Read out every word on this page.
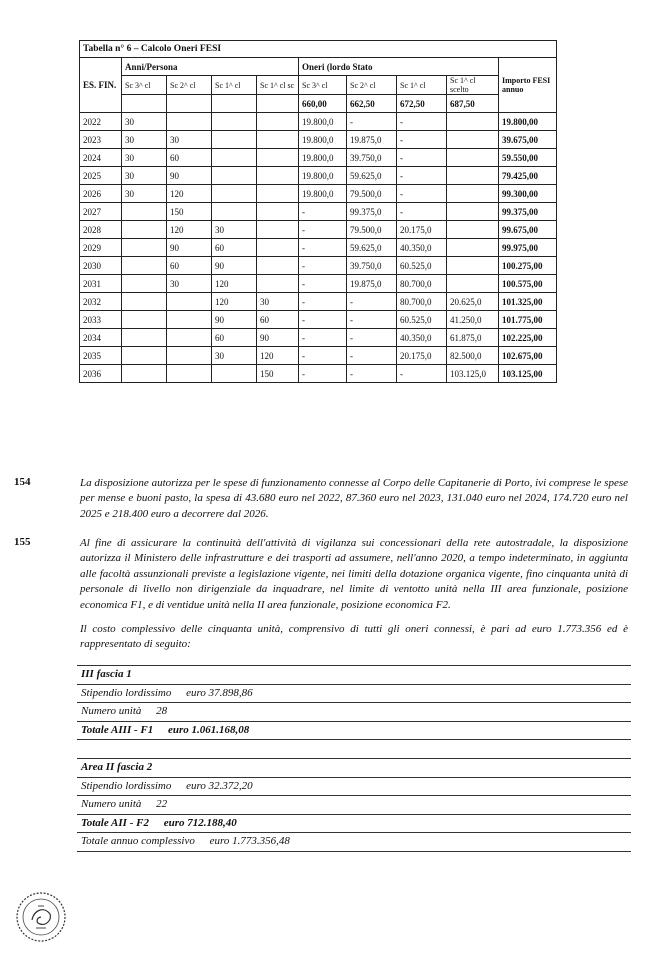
Tabella n° 6 – Calcolo Oneri FESI									
ES. FIN.	Anni/Persona				Oneri (lordo Stato				Importo FESI annuo
	Sc 3^ cl	Sc 2^ cl	Sc 1^ cl	Sc 1^ cl sc	Sc 3^ cl	Sc 2^ cl	Sc 1^ cl	Sc 1^ cl scelto	
					660,00	662,50	672,50	687,50	
2022	30				19.800,0	-	-		19.800,00
2023	30	30			19.800,0	19.875,0	-		39.675,00
2024	30	60			19.800,0	39.750,0	-		59.550,00
2025	30	90			19.800,0	59.625,0	-		79.425,00
2026	30	120			19.800,0	79.500,0	-		99.300,00
2027		150			-	99.375,0	-		99.375,00
2028		120	30		-	79.500,0	20.175,0		99.675,00
2029		90	60		-	59.625,0	40.350,0		99.975,00
2030		60	90		-	39.750,0	60.525,0		100.275,00
2031		30	120		-	19.875,0	80.700,0		100.575,00
2032			120	30	-	-	80.700,0	20.625,0	101.325,00
2033			90	60	-	-	60.525,0	41.250,0	101.775,00
2034			60	90	-	-	40.350,0	61.875,0	102.225,00
2035			30	120	-	-	20.175,0	82.500,0	102.675,00
2036				150	-	-	-	103.125,0	103.125,00
154	La disposizione autorizza per le spese di funzionamento connesse al Corpo delle Capitanerie di Porto, ivi comprese le spese per mense e buoni pasto, la spesa di 43.680 euro nel 2022, 87.360 euro nel 2023, 131.040 euro nel 2024, 174.720 euro nel 2025 e 218.400 euro a decorrere dal 2026.
155	Al fine di assicurare la continuità dell'attività di vigilanza sui concessionari della rete autostradale, la disposizione autorizza il Ministero delle infrastrutture e dei trasporti ad assumere, nell'anno 2020, a tempo indeterminato, in aggiunta alle facoltà assunzionali previste a legislazione vigente, nei limiti della dotazione organica vigente, fino cinquanta unità di personale di livello non dirigenziale da inquadrare, nel limite di ventotto unità nella III area funzionale, posizione economica F1, e di ventidue unità nella II area funzionale, posizione economica F2.
Il costo complessivo delle cinquanta unità, comprensivo di tutti gli oneri connessi, è pari ad euro 1.773.356 ed è rappresentato di seguito:
III fascia 1
Stipendio lordissimo euro 37.898,86
Numero unità 28
Totale AIII - F1 euro 1.061.168,08
Area II fascia 2
Stipendio lordissimo euro 32.372,20
Numero unità 22
Totale AII - F2 euro 712.188,40
Totale annuo complessivo euro 1.773.356,48
